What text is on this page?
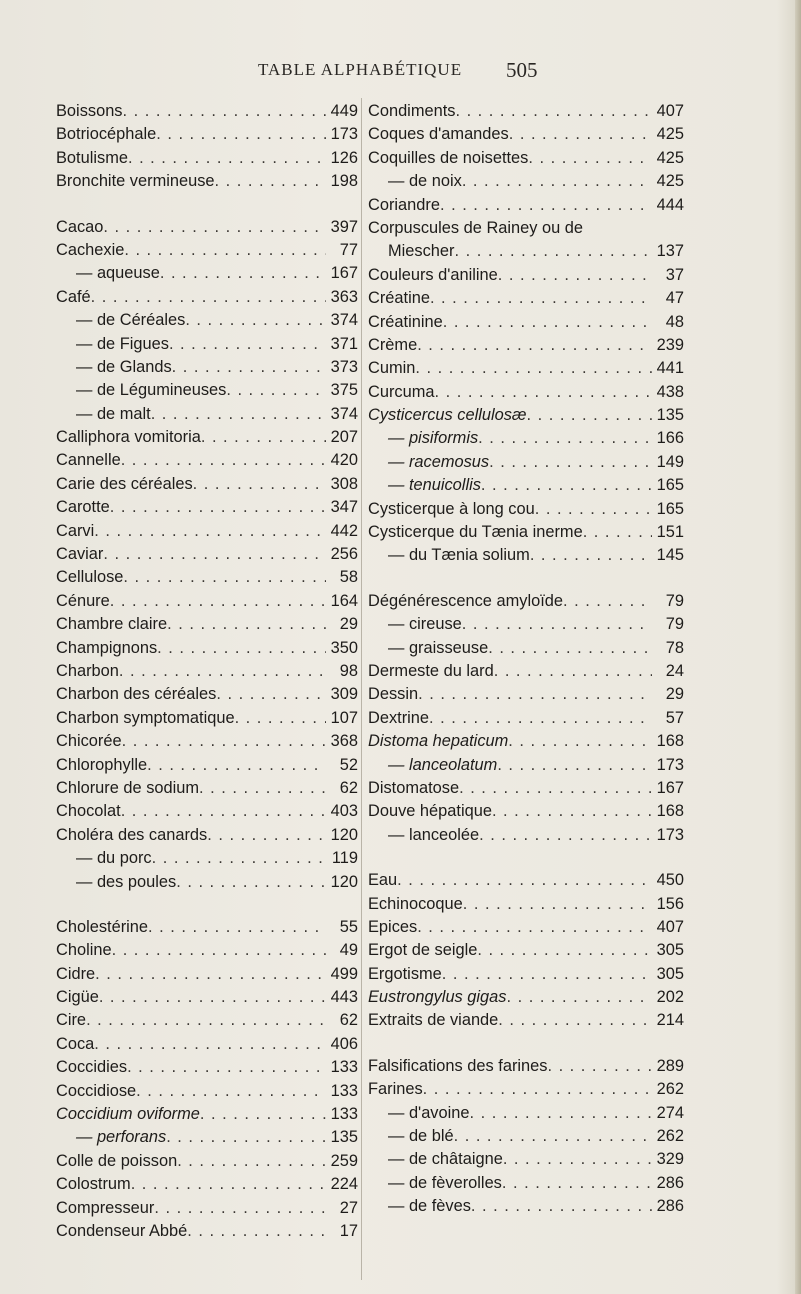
TABLE ALPHABÉTIQUE 505
Boissons . . .	449
Botriocéphale . . .	173
Botulisme . . .	126
Bronchite vermineuse . . .	198
Cacao . . .	397
Cachexie . . .	77
— aqueuse . . .	167
Café . . .	363
— de Céréales . . .	374
— de Figues . . .	371
— de Glands . . .	373
— de Légumineuses . . .	375
— de malt . . .	374
Calliphora vomitoria . . .	207
Cannelle . . .	420
Carie des céréales . . .	308
Carotte . . .	347
Carvi . . .	442
Caviar . . .	256
Cellulose . . .	58
Cénure . . .	164
Chambre claire . . .	29
Champignons . . .	350
Charbon . . .	98
Charbon des céréales . . .	309
Charbon symptomatique . . .	107
Chicorée . . .	368
Chlorophylle . . .	52
Chlorure de sodium . . .	62
Chocolat . . .	403
Choléra des canards . . .	120
— du porc . . .	119
— des poules . . .	120
Cholestérine . . .	55
Choline . . .	49
Cidre . . .	499
Cigüe . . .	443
Cire . . .	62
Coca . . .	406
Coccidies . . .	133
Coccidiose . . .	133
Coccidium oviforme . . .	133
— perforans . . .	135
Colle de poisson . . .	259
Colostrum . . .	224
Compresseur . . .	27
Condenseur Abbé . . .	17
Condiments . . .	407
Coques d'amandes . . .	425
Coquilles de noisettes . . .	425
— de noix . . .	425
Coriandre . . .	444
Corpuscules de Rainey ou de
Miescher . . .	137
Couleurs d'aniline . . .	37
Créatine . . .	47
Créatinine . . .	48
Crème . . .	239
Cumin . . .	441
Curcuma . . .	438
Cysticercus cellulosæ . . .	135
— pisiformis . . .	166
— racemosus . . .	149
— tenuicollis . . .	165
Cysticerque à long cou . . .	165
Cysticerque du Tænia inerme . . .	151
— du Tænia solium . . .	145
Dégénérescence amyloïde . . .	79
— cireuse . . .	79
— graisseuse . . .	78
Dermeste du lard . . .	24
Dessin . . .	29
Dextrine . . .	57
Distoma hepaticum . . .	168
— lanceolatum . . .	173
Distomatose . . .	167
Douve hépatique . . .	168
— lanceolée . . .	173
Eau . . .	450
Echinocoque . . .	156
Epices . . .	407
Ergot de seigle . . .	305
Ergotisme . . .	305
Eustrongylus gigas . . .	202
Extraits de viande . . .	214
Falsifications des farines . . .	289
Farines . . .	262
— d'avoine . . .	274
— de blé . . .	262
— de châtaigne . . .	329
— de fèverolles . . .	286
— de fèves . . .	286
